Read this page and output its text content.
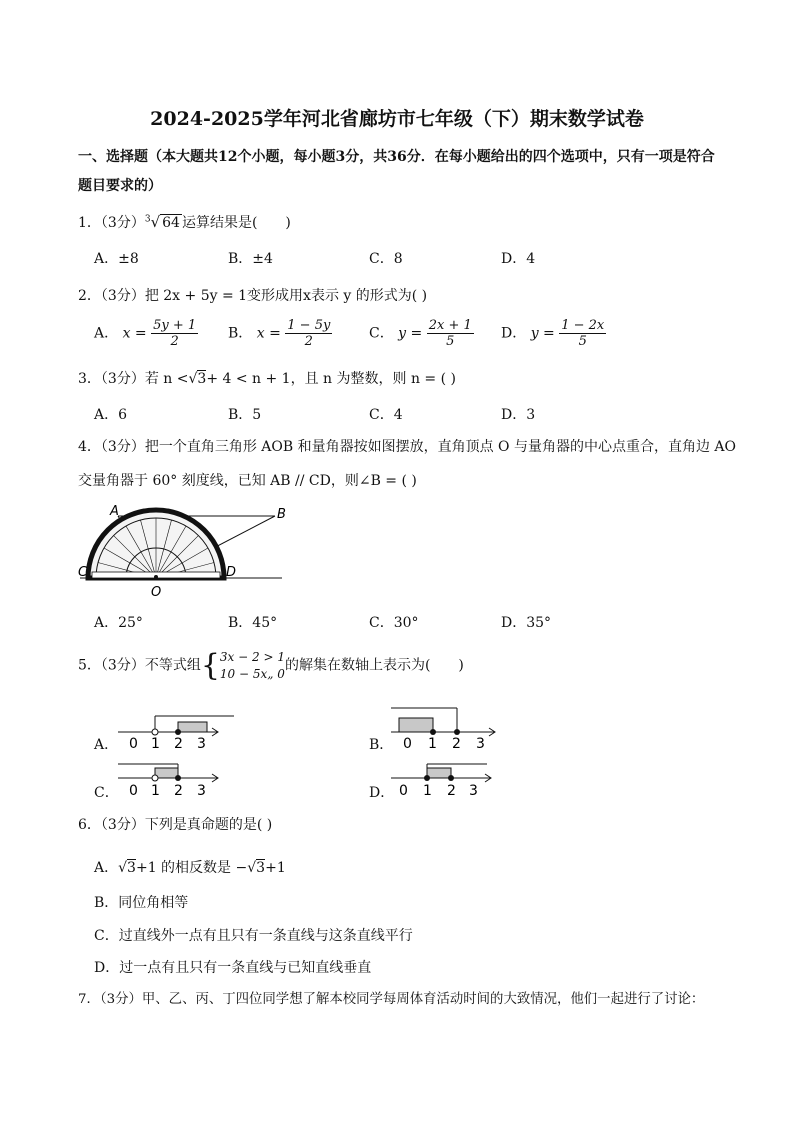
2024-2025学年河北省廊坊市七年级（下）期末数学试卷
一、选择题（本大题共12个小题，每小题3分，共36分．在每小题给出的四个选项中，只有一项是符合
题目要求的）
1．（3分）$^3$√ 64 运算结果是(　　)
A．±8	B．±4	C．8	D．4
2．（3分）把 2x + 5y = 1变形成用x表示 y 的形式为( )
A． $x = \frac{5y + 1}{2}$ B． $x = \frac{1 - 5y}{2}$	C． $y = \frac{2x + 1}{5}$ D． $y = \frac{1 - 2x}{5}$
3．（3分）若 n <√3+ 4 < n + 1，且 n 为整数，则 n = ( )
A．6	B．5	C．4	D．3
4．（3分）把一个直角三角形 AOB 和量角器按如图摆放，直角顶点 O 与量角器的中心点重合，直角边 AO
交量角器于 60° 刻度线，已知 AB // CD，则∠B = ( )
A	B
C	D
O
A．25°	B．45°	C．30°	D．35°
5．（3分）不等式组{3x − 2 > 1
10 − 5x„ 0的解集在数轴上表示为(　　)
A． 0 1 2 3	B． 0 1 2 3
C． 0 1 2 3	D． 0 1 2 3
6．（3分）下列是真命题的是( )
A．√3+1 的相反数是 −√3+1
B．同位角相等
C．过直线外一点有且只有一条直线与这条直线平行
D．过一点有且只有一条直线与已知直线垂直
7．（3分）甲、乙、丙、丁四位同学想了解本校同学每周体育活动时间的大致情况，他们一起进行了讨论：
